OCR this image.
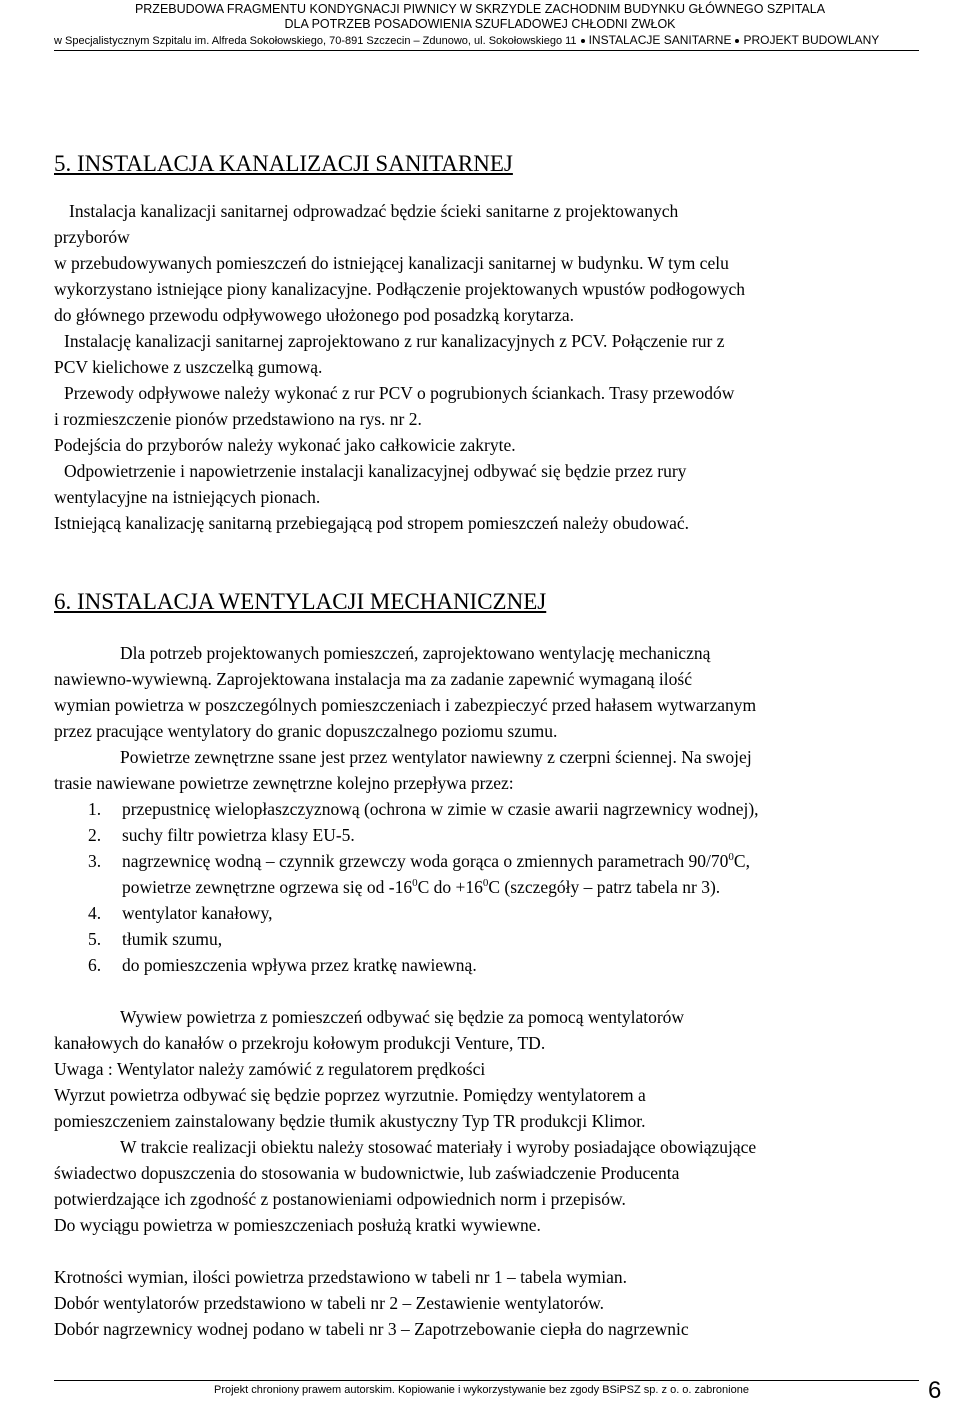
PRZEBUDOWA FRAGMENTU KONDYGNACJI PIWNICY W SKRZYDLE ZACHODNIM BUDYNKU GŁÓWNEGO SZPITALA
DLA POTRZEB POSADOWIENIA SZUFLADOWEJ CHŁODNI ZWŁOK
w Specjalistycznym Szpitalu im. Alfreda Sokołowskiego, 70-891 Szczecin – Zdunowo, ul. Sokołowskiego 11 INSTALACJE SANITARNE PROJEKT BUDOWLANY
5. INSTALACJA KANALIZACJI SANITARNEJ
Instalacja kanalizacji sanitarnej odprowadzać będzie ścieki sanitarne z projektowanych
przyborów
w przebudowywanych pomieszczeń do istniejącej kanalizacji sanitarnej w budynku. W tym celu
wykorzystano istniejące piony kanalizacyjne. Podłączenie projektowanych wpustów podłogowych
do głównego przewodu odpływowego ułożonego pod posadzką korytarza.
Instalację kanalizacji sanitarnej zaprojektowano z rur kanalizacyjnych z PCV. Połączenie rur z
PCV kielichowe z uszczelką gumową.
Przewody odpływowe należy wykonać z rur PCV o pogrubionych ściankach. Trasy przewodów
i rozmieszczenie pionów przedstawiono na rys. nr 2.
Podejścia do przyborów należy wykonać jako całkowicie zakryte.
Odpowietrzenie i napowietrzenie instalacji kanalizacyjnej odbywać się będzie przez rury
wentylacyjne na istniejących pionach.
Istniejącą kanalizację sanitarną przebiegającą pod stropem pomieszczeń należy obudować.
6. INSTALACJA WENTYLACJI MECHANICZNEJ
Dla potrzeb projektowanych pomieszczeń, zaprojektowano wentylację mechaniczną
nawiewno-wywiewną. Zaprojektowana instalacja ma za zadanie zapewnić wymaganą ilość
wymian powietrza w poszczególnych pomieszczeniach i zabezpieczyć przed hałasem wytwarzanym
przez pracujące wentylatory do granic dopuszczalnego poziomu szumu.
Powietrze zewnętrzne ssane jest przez wentylator nawiewny z czerpni ściennej. Na swojej
trasie nawiewane powietrze zewnętrzne kolejno przepływa przez:
1. przepustnicę wielopłaszczyznową (ochrona w zimie w czasie awarii nagrzewnicy wodnej),
2. suchy filtr powietrza klasy EU-5.
3. nagrzewnicę wodną – czynnik grzewczy woda gorąca o zmiennych parametrach $90/70^0C$,
powietrze zewnętrzne ogrzewa się od $-16^0C$ do $+16^0C$ (szczegóły – patrz tabela nr 3).
4. wentylator kanałowy,
5. tłumik szumu,
6. do pomieszczenia wpływa przez kratkę nawiewną.
Wywiew powietrza z pomieszczeń odbywać się będzie za pomocą wentylatorów
kanałowych do kanałów o przekroju kołowym produkcji Venture, TD.
Uwaga : Wentylator należy zamówić z regulatorem prędkości
Wyrzut powietrza odbywać się będzie poprzez wyrzutnie. Pomiędzy wentylatorem a
pomieszczeniem zainstalowany będzie tłumik akustyczny Typ TR produkcji Klimor.
W trakcie realizacji obiektu należy stosować materiały i wyroby posiadające obowiązujące
świadectwo dopuszczenia do stosowania w budownictwie, lub zaświadczenie Producenta
potwierdzające ich zgodność z postanowieniami odpowiednich norm i przepisów.
Do wyciągu powietrza w pomieszczeniach posłużą kratki wywiewne.
Krotności wymian, ilości powietrza przedstawiono w tabeli nr 1 – tabela wymian.
Dobór wentylatorów przedstawiono w tabeli nr 2 – Zestawienie wentylatorów.
Dobór nagrzewnicy wodnej podano w tabeli nr 3 – Zapotrzebowanie ciepła do nagrzewnic
Projekt chroniony prawem autorskim. Kopiowanie i wykorzystywanie bez zgody BSiPSZ sp. z o. o. zabronione	6
